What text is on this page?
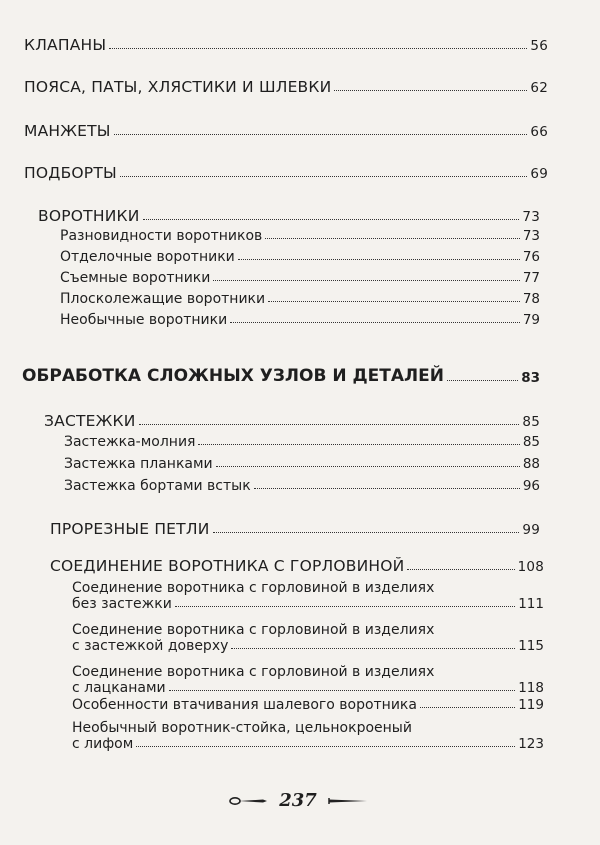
КЛАПАНЫ	56
ПОЯСА, ПАТЫ, ХЛЯСТИКИ И ШЛЕВКИ	62
МАНЖЕТЫ	66
ПОДБОРТЫ	69
ВОРОТНИКИ	73
Разновидности воротников	73
Отделочные воротники	76
Съемные воротники	77
Плосколежащие воротники	78
Необычные воротники	79
ОБРАБОТКА СЛОЖНЫХ УЗЛОВ И ДЕТАЛЕЙ	83
ЗАСТЕЖКИ	85
Застежка-молния	85
Застежка планками	88
Застежка бортами встык	96
ПРОРЕЗНЫЕ ПЕТЛИ	99
СОЕДИНЕНИЕ ВОРОТНИКА С ГОРЛОВИНОЙ	108
Соединение воротника с горловиной в изделиях
без застежки	111
Соединение воротника с горловиной в изделиях
с застежкой доверху	115
Соединение воротника с горловиной в изделиях
с лацканами	118
Особенности втачивания шалевого воротника	119
Необычный воротник-стойка, цельнокроеный
с лифом	123
237
